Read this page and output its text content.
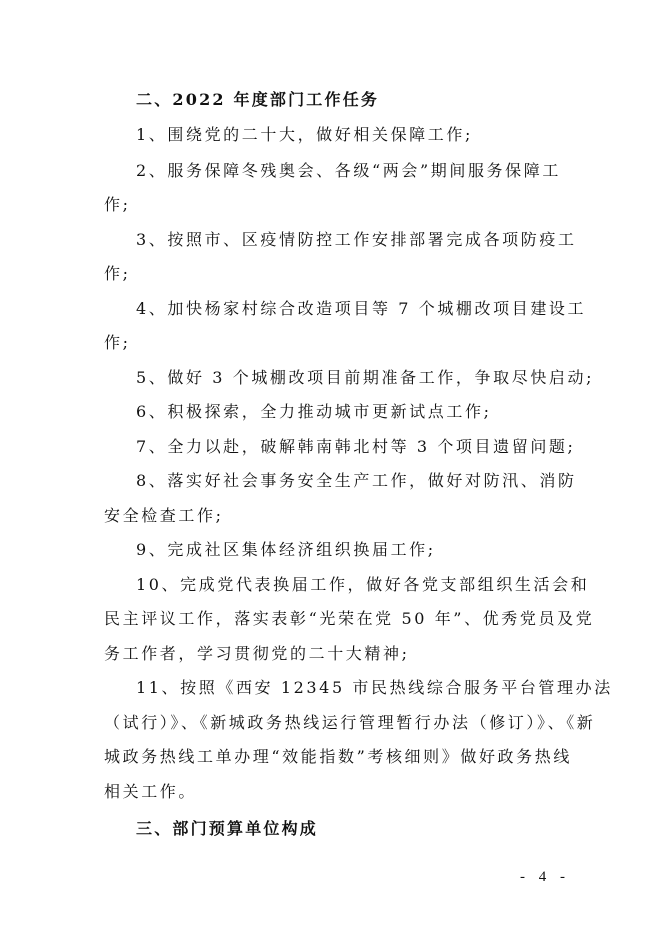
二、2022 年度部门工作任务
1、围绕党的二十大，做好相关保障工作;
2、服务保障冬残奥会、各级“两会”期间服务保障工
作;
3、按照市、区疫情防控工作安排部署完成各项防疫工
作;
4、加快杨家村综合改造项目等 7 个城棚改项目建设工
作;
5、做好 3 个城棚改项目前期准备工作，争取尽快启动;
6、积极探索，全力推动城市更新试点工作;
7、全力以赴，破解韩南韩北村等 3 个项目遗留问题;
8、落实好社会事务安全生产工作，做好对防汛、消防
安全检查工作;
9、完成社区集体经济组织换届工作;
10、完成党代表换届工作，做好各党支部组织生活会和
民主评议工作，落实表彰“光荣在党 50 年”、优秀党员及党
务工作者，学习贯彻党的二十大精神;
11、按照《西安 12345 市民热线综合服务平台管理办法
（试行）》、《新城政务热线运行管理暂行办法（修订）》、《新
城政务热线工单办理“效能指数”考核细则》做好政务热线
相关工作。
三、部门预算单位构成
- 4 -
